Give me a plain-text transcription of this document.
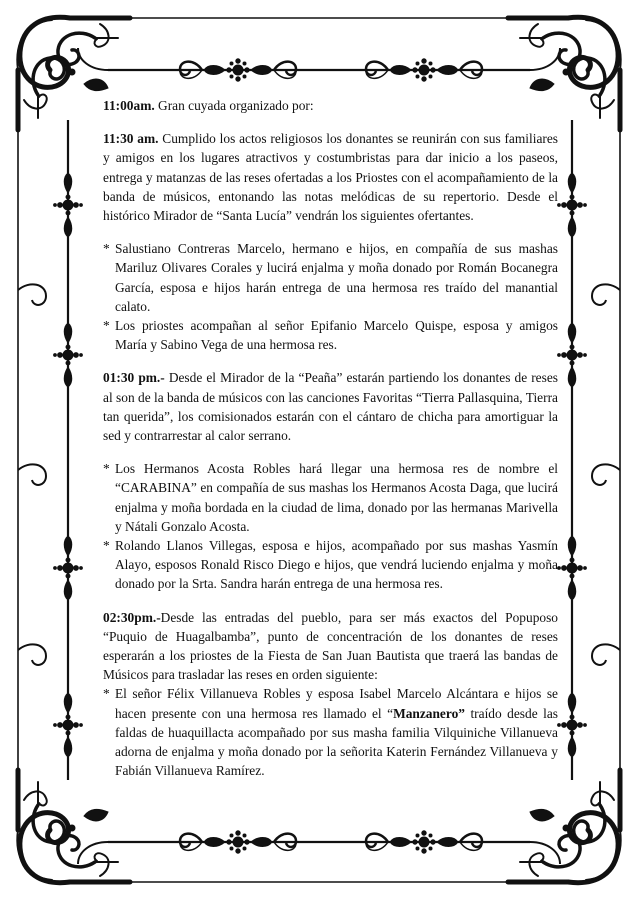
11:00am. Gran cuyada organizado por:

11:30 am. Cumplido los actos religiosos los donantes se reunirán con sus familiares y amigos en los lugares atractivos y costumbristas para dar inicio a los paseos, entrega y matanzas de las reses ofertadas a los Priostes con el acompañamiento de la banda de músicos, entonando las notas melódicas de su repertorio. Desde el histórico Mirador de “Santa Lucía” vendrán los siguientes ofertantes.

* Salustiano Contreras Marcelo, hermano e hijos, en compañía de sus mashas Mariluz Olivares Corales y lucirá enjalma y moña donado por Román Bocanegra García, esposa e hijos harán entrega de una hermosa res traído del manantial calato.

* Los priostes acompañan al señor Epifanio Marcelo Quispe, esposa y amigos María y Sabino Vega de una hermosa res.

01:30 pm.- Desde el Mirador de la “Peaña” estarán partiendo los donantes de reses al son de la banda de músicos con las canciones Favoritas “Tierra Pallasquina, Tierra tan querida”, los comisionados estarán con el cántaro de chicha para amortiguar la sed y contrarrestar al calor serrano.

* Los Hermanos Acosta Robles hará llegar una hermosa res de nombre el “CARABINA” en compañía de sus mashas los Hermanos Acosta Daga, que lucirá enjalma y moña bordada en la ciudad de lima, donado por las hermanas Marivella y Nátali Gonzalo Acosta.

* Rolando Llanos Villegas, esposa e hijos, acompañado por sus mashas Yasmín Alayo, esposos Ronald Risco Diego e hijos, que vendrá luciendo enjalma y moña donado por la Srta. Sandra harán entrega de una hermosa res.

02:30pm.-Desde las entradas del pueblo, para ser más exactos del Popuposo “Puquio de Huagalbamba”, punto de concentración de los donantes de reses esperarán a los priostes de la Fiesta de San Juan Bautista que traerá las bandas de Músicos para trasladar las reses en orden siguiente:

* El señor Félix Villanueva Robles y esposa Isabel Marcelo Alcántara e hijos se hacen presente con una hermosa res llamado el “Manzanero” traído desde las faldas de huaquillacta acompañado por sus masha familia Vilquiniche Villanueva adorna de enjalma y moña donado por la señorita Katerin Fernández Villanueva y Fabián Villanueva Ramírez.
